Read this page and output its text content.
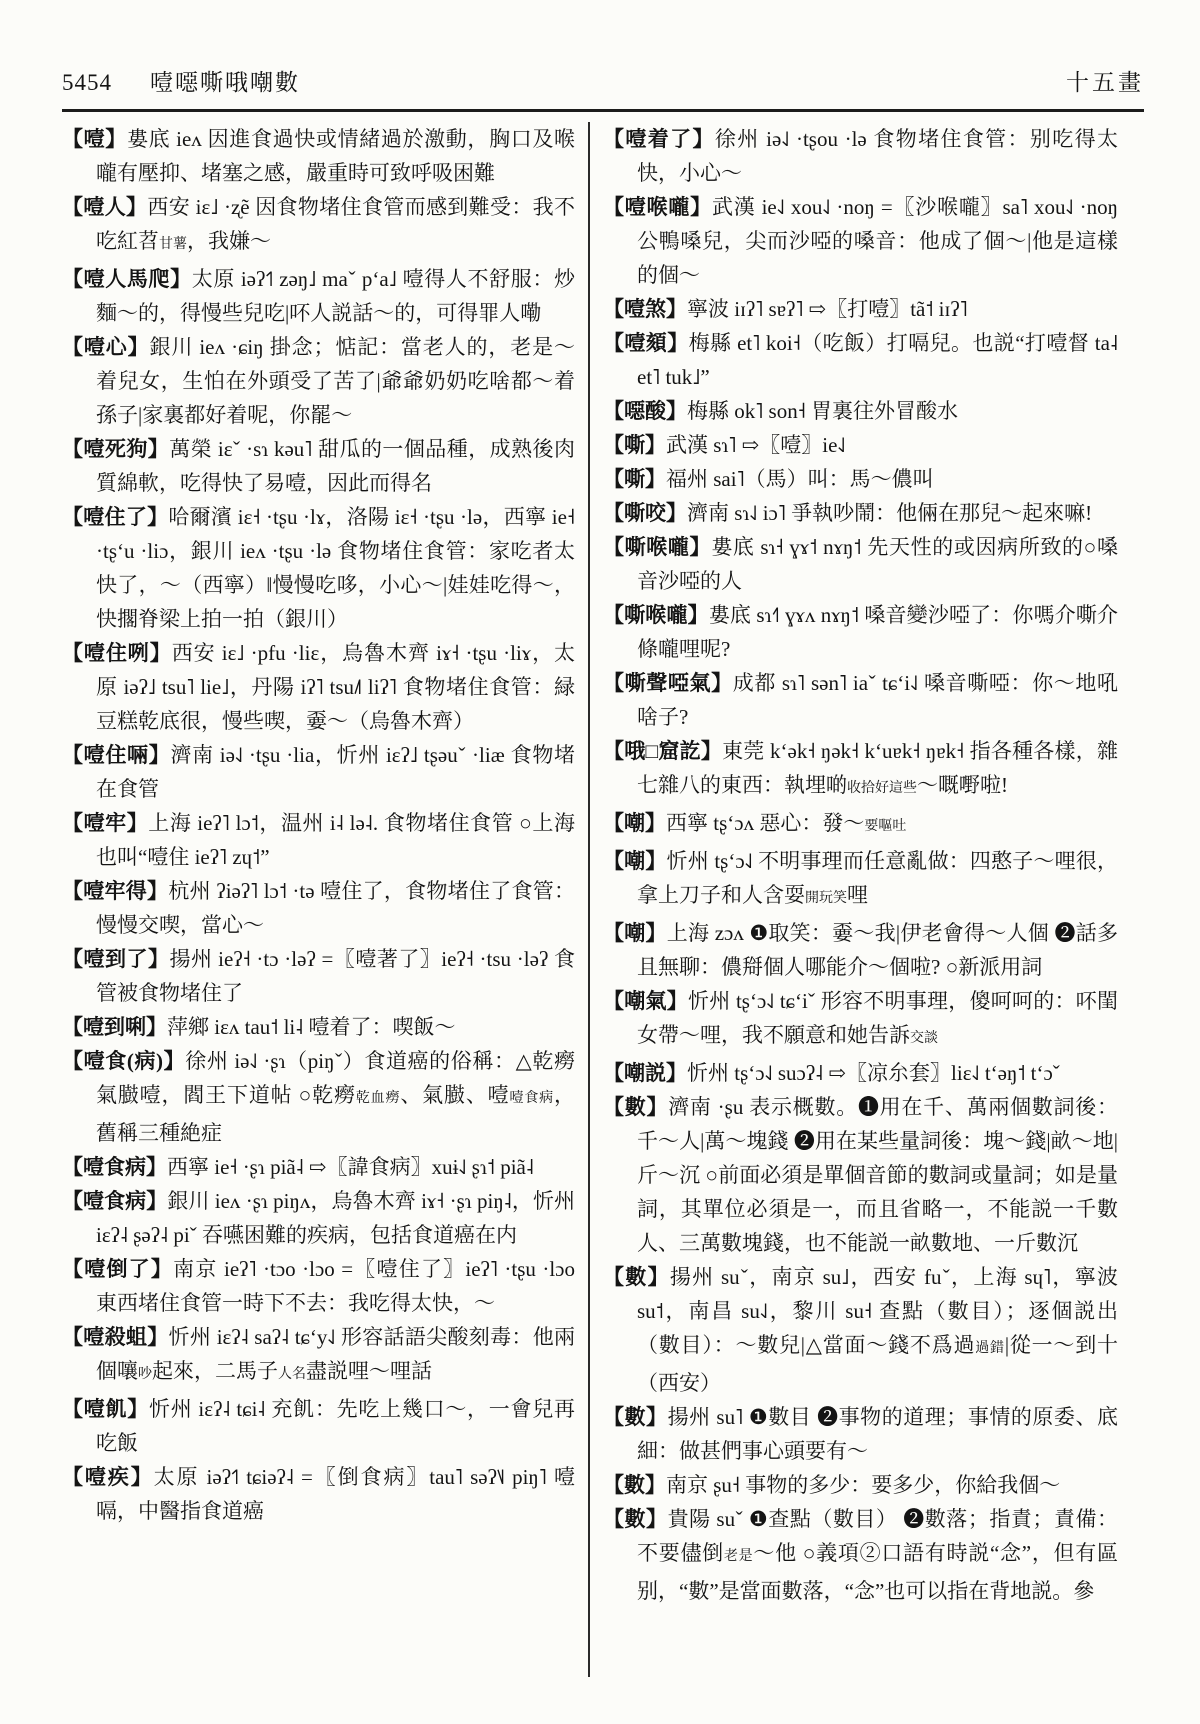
5454 噎噁嘶哦嘲數	十五畫

【噎】婁底 ieʌ 因進食過快或情緒過於激動，胸口及喉嚨有壓抑、堵塞之感，嚴重時可致呼吸困難

【噎人】西安 iɛ˩ ·ʐẽ 因食物堵住食管而感到難受：我不吃紅苕甘薯，我嫌～

【噎人馬爬】太原 iəʔ˦˥ zəŋ˩ maˇ pʻa˩ 噎得人不舒服：炒麵～的，得慢些兒吃|吥人説話～的，可得罪人嘞

【噎心】銀川 ieʌ ·ɕiŋ 掛念；惦記：當老人的，老是～着兒女，生怕在外頭受了苦了|爺爺奶奶吃啥都～着孫子|家裏都好着呢，你罷～

【噎死狗】萬榮 iɛˇ ·sɿ kəu˥ 甜瓜的一個品種，成熟後肉質綿軟，吃得快了易噎，因此而得名

【噎住了】哈爾濱 iɛ˧ ·tʂu ·lɤ，洛陽 iɛ˧ ·tʂu ·lə，西寧 ie˧ ·tʂʻu ·liɔ，銀川 ieʌ ·tʂu ·lə 食物堵住食管：家吃者太快了，～（西寧）‖慢慢吃哆，小心～|娃娃吃得～，快擱脊梁上拍一拍（銀川）

【噎住咧】西安 iɛ˩ ·pfu ·liɛ，烏魯木齊 iɤ˧ ·tʂu ·liɤ，太原 iəʔ˩ tsu˥ lie˩，丹陽 iʔ˥ tsu˩˥ liʔ˥ 食物堵住食管：緑豆糕乾底很，慢些喫，嫑～（烏魯木齊）

【噎住啢】濟南 iə˨˩ ·tʂu ·lia，忻州 iɛʔ˩ tʂəuˇ ·liæ 食物堵在食管

【噎牢】上海 ieʔ˥ lɔ˦，温州 i˨ lə˨. 食物堵住食管 ○上海也叫“噎住 ieʔ˥ zɥ˦”

【噎牢得】杭州 ʔiəʔ˥ lɔ˦ ·tə 噎住了，食物堵住了食管：慢慢交喫，當心～

【噎到了】揚州 ieʔ˧ ·tɔ ·ləʔ =〖噎著了〗ieʔ˧ ·tsu ·ləʔ 食管被食物堵住了

【噎到唎】萍鄉 iɛʌ tau˦ li˨ 噎着了：喫飯～

【噎食(病)】徐州 iə˨˩ ·ʂɿ（piŋˇ）食道癌的俗稱：△乾癆氣臌噎，閻王下道帖 ○乾癆乾血癆、氣臌、噎噎食病，舊稱三種絶症

【噎食病】西寧 ie˧ ·ʂɿ piã˨ ⇨〖諱食病〗xuɨ˨˩ ʂɿ˦ piã˨

【噎食病】銀川 ieʌ ·ʂɿ piŋʌ，烏魯木齊 iɤ˧ ·ʂɿ piŋ˨，忻州 iɛʔ˨ ʂəʔ˨ piˇ 吞嚥困難的疾病，包括食道癌在内

【噎倒了】南京 ieʔ˥ ·tɔo ·lɔo =〖噎住了〗ieʔ˥ ·tʂu ·lɔo 東西堵住食管一時下不去：我吃得太快，～

【噎殺蛆】忻州 iɛʔ˨ saʔ˨ tɕʻy˨˩ 形容話語尖酸刻毒：他兩個嚷吵起來，二馬子人名盡説哩～哩話

【噎飢】忻州 iɛʔ˨ tɕi˨ 充飢：先吃上幾口～，一會兒再吃飯

【噎疾】太原 iəʔ˦˥ tɕiəʔ˨ =〖倒食病〗tau˥ səʔ˥˩ piŋ˥ 噎嗝，中醫指食道癌

【噎着了】徐州 iə˨˩ ·tʂou ·lə 食物堵住食管：别吃得太快，小心～

【噎喉嚨】武漢 ie˨˩ xou˨˩ ·noŋ =〖沙喉嚨〗sa˥ xou˨˩ ·noŋ 公鴨嗓兒，尖而沙啞的嗓音：他成了個～|他是這樣的個～

【噎煞】寧波 iɪʔ˥ sɐʔ˥ ⇨〖打噎〗tã˦ iɪʔ˥

【噎頦】梅縣 et˥ koi˧（吃飯）打嗝兒。也説“打噎督 ta˨ et˥ tuk˩”

【噁酸】梅縣 ok˥ son˧ 胃裏往外冒酸水

【嘶】武漢 sɿ˥ ⇨〖噎〗ie˨˩

【嘶】福州 sai˥（馬）叫：馬～儂叫

【嘶咬】濟南 sɿ˨˩ iɔ˥ 爭執吵鬧：他倆在那兒～起來嘛!

【嘶喉嚨】婁底 sɿ˧ ɣɤ˦ nɤŋ˦ 先天性的或因病所致的○嗓音沙啞的人

【嘶喉嚨】婁底 sɿ˧˥ ɣɤʌ nɤŋ˦ 嗓音變沙啞了：你嗎介嘶介條嚨哩呢?

【嘶聲啞氣】成都 sɿ˥ sən˥ iaˇ tɕʻi˨˩ 嗓音嘶啞：你～地吼啥子?

【哦□窟訖】東莞 kʻək˧ ŋək˧ kʻuɐk˧ ŋɐk˧ 指各種各樣，雜七雜八的東西：執埋啲收拾好這些～嘅嘢啦!

【嘲】西寧 tʂʻɔʌ 惡心：發～要嘔吐

【嘲】忻州 tʂʻɔ˨˩ 不明事理而任意亂做：四憨子～哩很，拿上刀子和人含耍開玩笑哩

【嘲】上海 zɔʌ ❶取笑：嫑～我|伊老會得～人個 ❷話多且無聊：儂搿個人哪能介～個啦? ○新派用詞

【嘲氣】忻州 tʂʻɔ˨˩ tɕʻiˇ 形容不明事理，傻呵呵的：吥閨女帶～哩，我不願意和她告訴交談

【嘲説】忻州 tʂʻɔ˨˩ suɔʔ˨ ⇨〖凉厼套〗liɛ˨˩ tʻəŋ˦ tʻɔˇ

【數】濟南 ·ʂu 表示概數。❶用在千、萬兩個數詞後：千～人|萬～塊錢 ❷用在某些量詞後：塊～錢|畝～地|斤～沉 ○前面必須是單個音節的數詞或量詞；如是量詞，其單位必須是一，而且省略一，不能説一千數人、三萬數塊錢，也不能説一畝數地、一斤數沉

【數】揚州 suˇ，南京 su˩，西安 fuˇ，上海 sɥ˥，寧波 su˦，南昌 su˨˩，黎川 su˧ 查點（數目）；逐個説出（數目）：～數兒|△當面～錢不爲過過錯|從一～到十（西安）

【數】揚州 su˥ ❶數目 ❷事物的道理；事情的原委、底細：做甚們事心頭要有～

【數】南京 ʂu˧ 事物的多少：要多少，你給我個～

【數】貴陽 suˇ ❶查點（數目） ❷數落；指責；責備：不要儘倒老是～他 ○義項②口語有時説“念”，但有區别，“數”是當面數落，“念”也可以指在背地説。參
